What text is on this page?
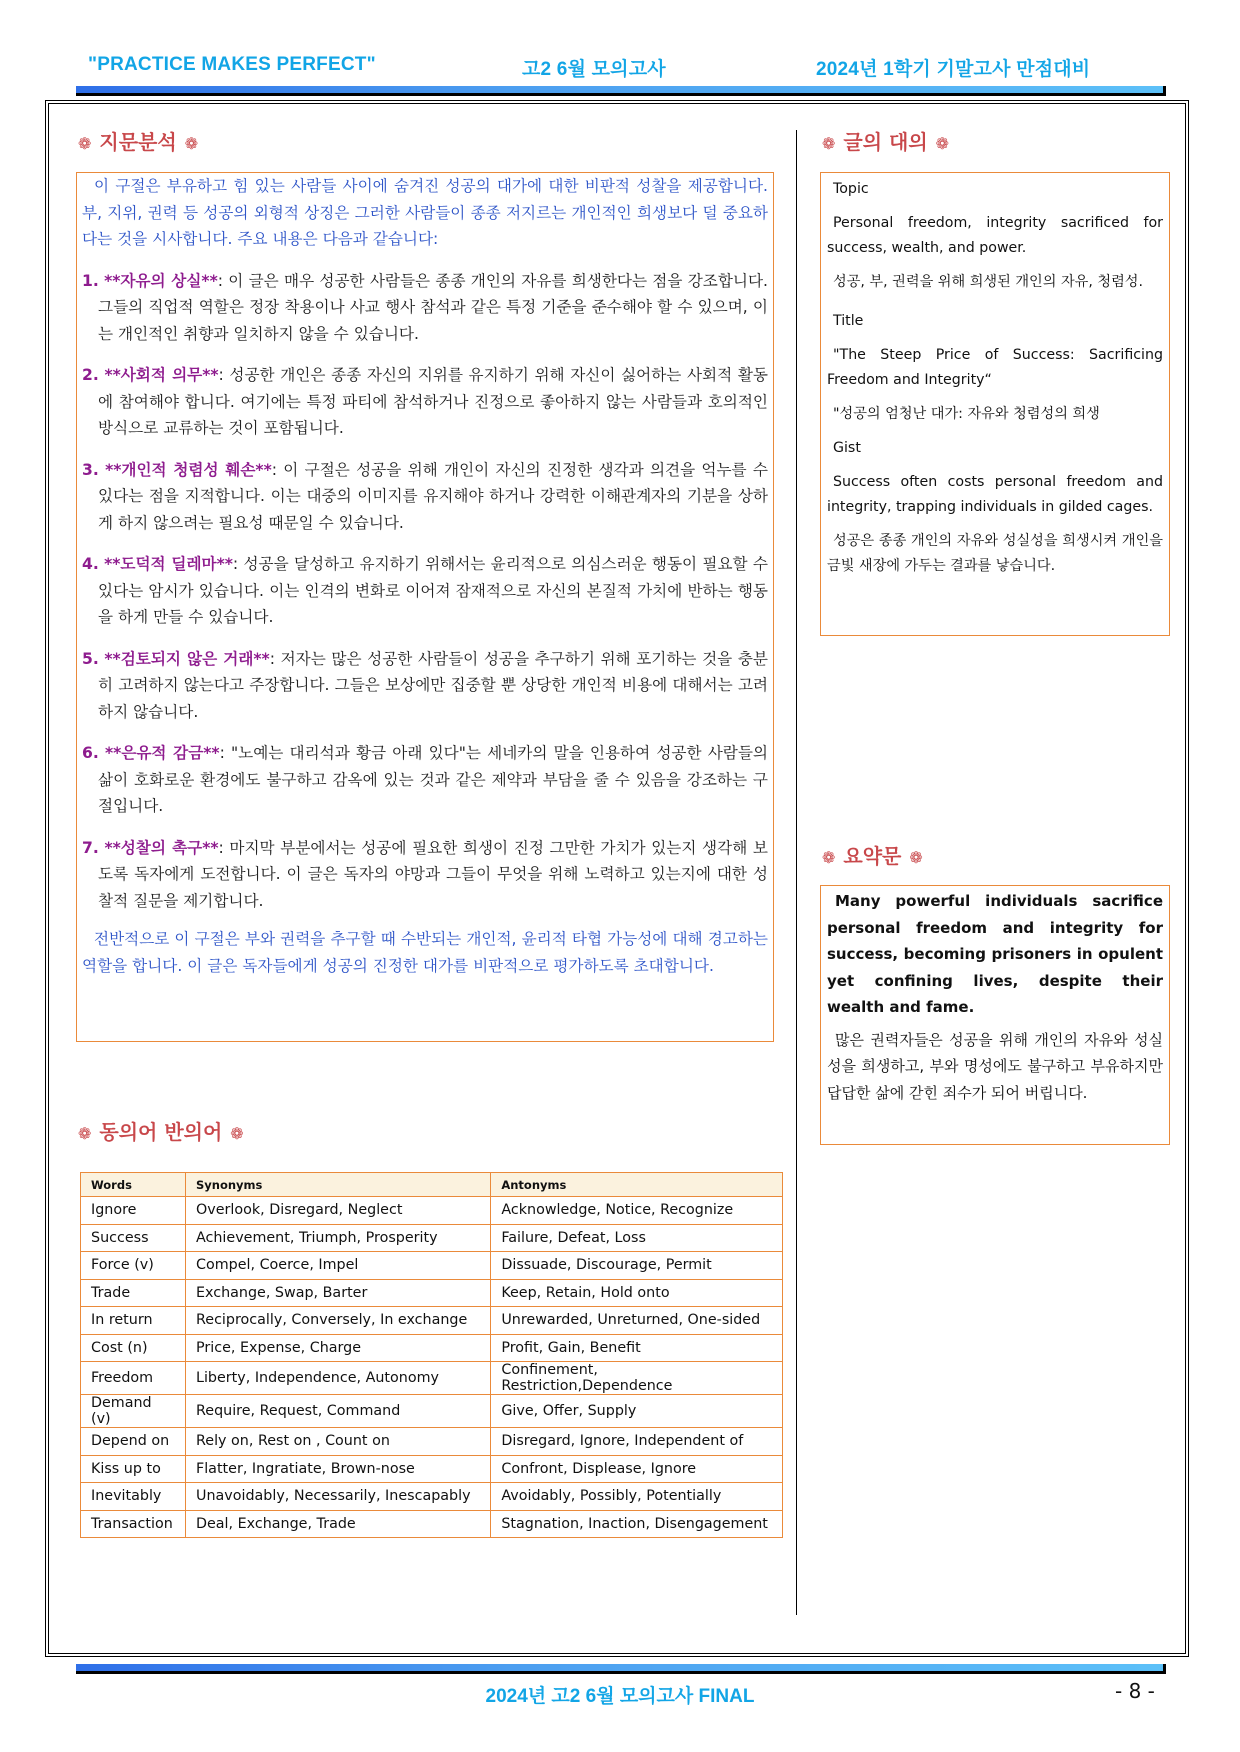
"PRACTICE MAKES PERFECT"	고2 6월 모의고사	2024년 1학기 기말고사 만점대비
❁ 지문분석 ❁

이 구절은 부유하고 힘 있는 사람들 사이에 숨겨진 성공의 대가에 대한 비판적 성찰을 제공합니다. 부, 지위, 권력 등 성공의 외형적 상징은 그러한 사람들이 종종 저지르는 개인적인 희생보다 덜 중요하다는 것을 시사합니다. 주요 내용은 다음과 같습니다:

1. **자유의 상실**: 이 글은 매우 성공한 사람들은 종종 개인의 자유를 희생한다는 점을 강조합니다. 그들의 직업적 역할은 정장 착용이나 사교 행사 참석과 같은 특정 기준을 준수해야 할 수 있으며, 이는 개인적인 취향과 일치하지 않을 수 있습니다.

2. **사회적 의무**: 성공한 개인은 종종 자신의 지위를 유지하기 위해 자신이 싫어하는 사회적 활동에 참여해야 합니다. 여기에는 특정 파티에 참석하거나 진정으로 좋아하지 않는 사람들과 호의적인 방식으로 교류하는 것이 포함됩니다.

3. **개인적 청렴성 훼손**: 이 구절은 성공을 위해 개인이 자신의 진정한 생각과 의견을 억누를 수 있다는 점을 지적합니다. 이는 대중의 이미지를 유지해야 하거나 강력한 이해관계자의 기분을 상하게 하지 않으려는 필요성 때문일 수 있습니다.

4. **도덕적 딜레마**: 성공을 달성하고 유지하기 위해서는 윤리적으로 의심스러운 행동이 필요할 수 있다는 암시가 있습니다. 이는 인격의 변화로 이어져 잠재적으로 자신의 본질적 가치에 반하는 행동을 하게 만들 수 있습니다.

5. **검토되지 않은 거래**: 저자는 많은 성공한 사람들이 성공을 추구하기 위해 포기하는 것을 충분히 고려하지 않는다고 주장합니다. 그들은 보상에만 집중할 뿐 상당한 개인적 비용에 대해서는 고려하지 않습니다.

6. **은유적 감금**: "노예는 대리석과 황금 아래 있다"는 세네카의 말을 인용하여 성공한 사람들의 삶이 호화로운 환경에도 불구하고 감옥에 있는 것과 같은 제약과 부담을 줄 수 있음을 강조하는 구절입니다.

7. **성찰의 촉구**: 마지막 부분에서는 성공에 필요한 희생이 진정 그만한 가치가 있는지 생각해 보도록 독자에게 도전합니다. 이 글은 독자의 야망과 그들이 무엇을 위해 노력하고 있는지에 대한 성찰적 질문을 제기합니다.

전반적으로 이 구절은 부와 권력을 추구할 때 수반되는 개인적, 윤리적 타협 가능성에 대해 경고하는 역할을 합니다. 이 글은 독자들에게 성공의 진정한 대가를 비판적으로 평가하도록 초대합니다.

❁ 글의 대의 ❁

Topic

Personal freedom, integrity sacrificed for success, wealth, and power.

성공, 부, 권력을 위해 희생된 개인의 자유, 청렴성.

Title

"The Steep Price of Success: Sacrificing Freedom and Integrity“

"성공의 엄청난 대가: 자유와 청렴성의 희생

Gist

Success often costs personal freedom and integrity, trapping individuals in gilded cages.

성공은 종종 개인의 자유와 성실성을 희생시켜 개인을 금빛 새장에 가두는 결과를 낳습니다.

❁ 요약문 ❁

Many powerful individuals sacrifice personal freedom and integrity for success, becoming prisoners in opulent yet confining lives, despite their wealth and fame.

많은 권력자들은 성공을 위해 개인의 자유와 성실성을 희생하고, 부와 명성에도 불구하고 부유하지만 답답한 삶에 갇힌 죄수가 되어 버립니다.

❁ 동의어 반의어 ❁
Words	Synonyms	Antonyms
Ignore	Overlook, Disregard, Neglect	Acknowledge, Notice, Recognize
Success	Achievement, Triumph, Prosperity	Failure, Defeat, Loss
Force (v)	Compel, Coerce, Impel	Dissuade, Discourage, Permit
Trade	Exchange, Swap, Barter	Keep, Retain, Hold onto
In return	Reciprocally, Conversely, In exchange	Unrewarded, Unreturned, One-sided
Cost (n)	Price, Expense, Charge	Profit, Gain, Benefit
Freedom	Liberty, Independence, Autonomy	Confinement, Restriction,Dependence
Demand (v)	Require, Request, Command	Give, Offer, Supply
Depend on	Rely on, Rest on , Count on	Disregard, Ignore, Independent of
Kiss up to	Flatter, Ingratiate, Brown-nose	Confront, Displease, Ignore
Inevitably	Unavoidably, Necessarily, Inescapably	Avoidably, Possibly, Potentially
Transaction	Deal, Exchange, Trade	Stagnation, Inaction, Disengagement
2024년 고2 6월 모의고사 FINAL	- 8 -
